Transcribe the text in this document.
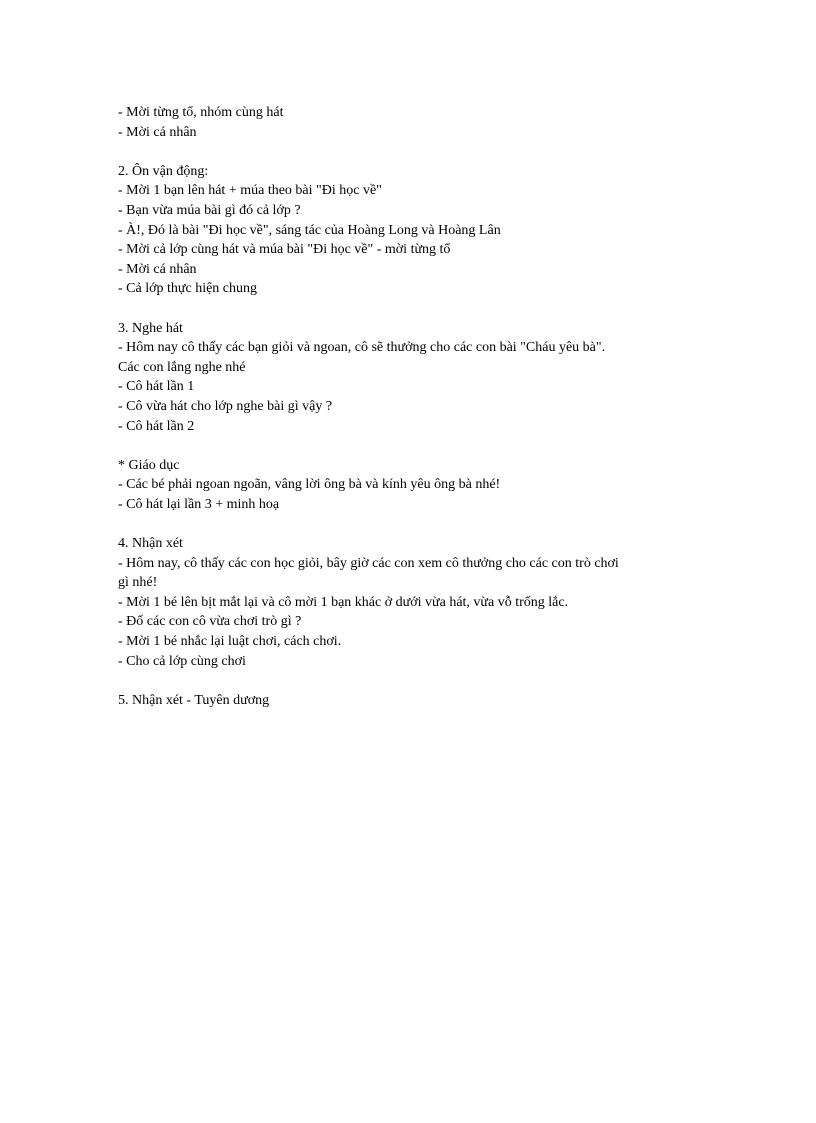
- Mời từng tổ, nhóm cùng hát
- Mời cá nhân
2. Ôn vận động:
- Mời 1 bạn lên hát + múa theo bài "Đi học về"
- Bạn vừa múa bài gì đó cả lớp ?
- À!, Đó là bài "Đi học về", sáng tác của Hoàng Long và Hoàng Lân
- Mời cả lớp cùng hát và múa bài "Đi học về" - mời từng tổ
- Mời cá nhân
- Cả lớp thực hiện chung
3. Nghe hát
- Hôm nay cô thấy các bạn giỏi và ngoan, cô sẽ thưởng cho các con bài "Cháu yêu bà".
Các con lắng nghe nhé
- Cô hát lần 1
- Cô vừa hát cho lớp nghe bài gì vậy ?
- Cô hát lần 2
* Giáo dục
- Các bé phải ngoan ngoãn, vâng lời ông bà và kính yêu ông bà nhé!
- Cô hát lại lần 3 + minh hoạ
4. Nhận xét
- Hôm nay, cô thấy các con học giỏi, bây giờ các con xem cô thưởng cho các con trò chơi
gì nhé!
- Mời 1 bé lên bịt mắt lại và cô mời 1 bạn khác ở dưới vừa hát, vừa vỗ trống lắc.
- Đố các con cô vừa chơi trò gì ?
- Mời 1 bé nhắc lại luật chơi, cách chơi.
- Cho cả lớp cùng chơi
5. Nhận xét - Tuyên dương
